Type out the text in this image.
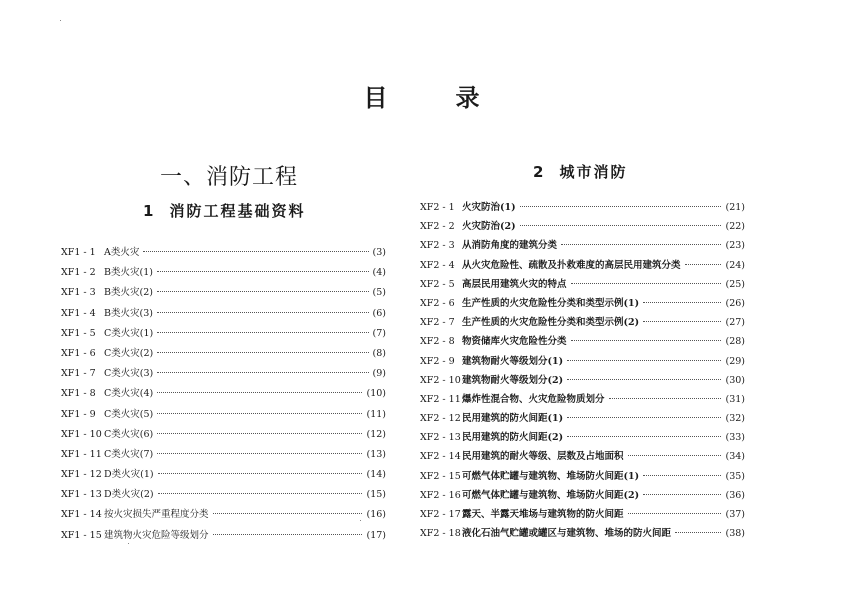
目　录
一、消防工程
1 消防工程基础资料
2 城市消防
XF1 - 1 A类火灾	(3)
XF1 - 2 B类火灾(1)	(4)
XF1 - 3 B类火灾(2)	(5)
XF1 - 4 B类火灾(3)	(6)
XF1 - 5 C类火灾(1)	(7)
XF1 - 6 C类火灾(2)	(8)
XF1 - 7 C类火灾(3)	(9)
XF1 - 8 C类火灾(4)	(10)
XF1 - 9 C类火灾(5)	(11)
XF1 - 10 C类火灾(6)	(12)
XF1 - 11 C类火灾(7)	(13)
XF1 - 12 D类火灾(1)	(14)
XF1 - 13 D类火灾(2)	(15)
XF1 - 14 按火灾损失严重程度分类	(16)
XF1 - 15 建筑物火灾危险等级划分	(17)
XF2 - 1 火灾防治(1)	(21)
XF2 - 2 火灾防治(2)	(22)
XF2 - 3 从消防角度的建筑分类	(23)
XF2 - 4 从火灾危险性、疏散及扑救难度的高层民用建筑分类	(24)
XF2 - 5 高层民用建筑火灾的特点	(25)
XF2 - 6 生产性质的火灾危险性分类和类型示例(1)	(26)
XF2 - 7 生产性质的火灾危险性分类和类型示例(2)	(27)
XF2 - 8 物资储库火灾危险性分类	(28)
XF2 - 9 建筑物耐火等级划分(1)	(29)
XF2 - 10 建筑物耐火等级划分(2)	(30)
XF2 - 11 爆炸性混合物、火灾危险物质划分	(31)
XF2 - 12 民用建筑的防火间距(1)	(32)
XF2 - 13 民用建筑的防火间距(2)	(33)
XF2 - 14 民用建筑的耐火等级、层数及占地面积	(34)
XF2 - 15 可燃气体贮罐与建筑物、堆场防火间距(1)	(35)
XF2 - 16 可燃气体贮罐与建筑物、堆场防火间距(2)	(36)
XF2 - 17 露天、半露天堆场与建筑物的防火间距	(37)
XF2 - 18 液化石油气贮罐或罐区与建筑物、堆场的防火间距	(38)
